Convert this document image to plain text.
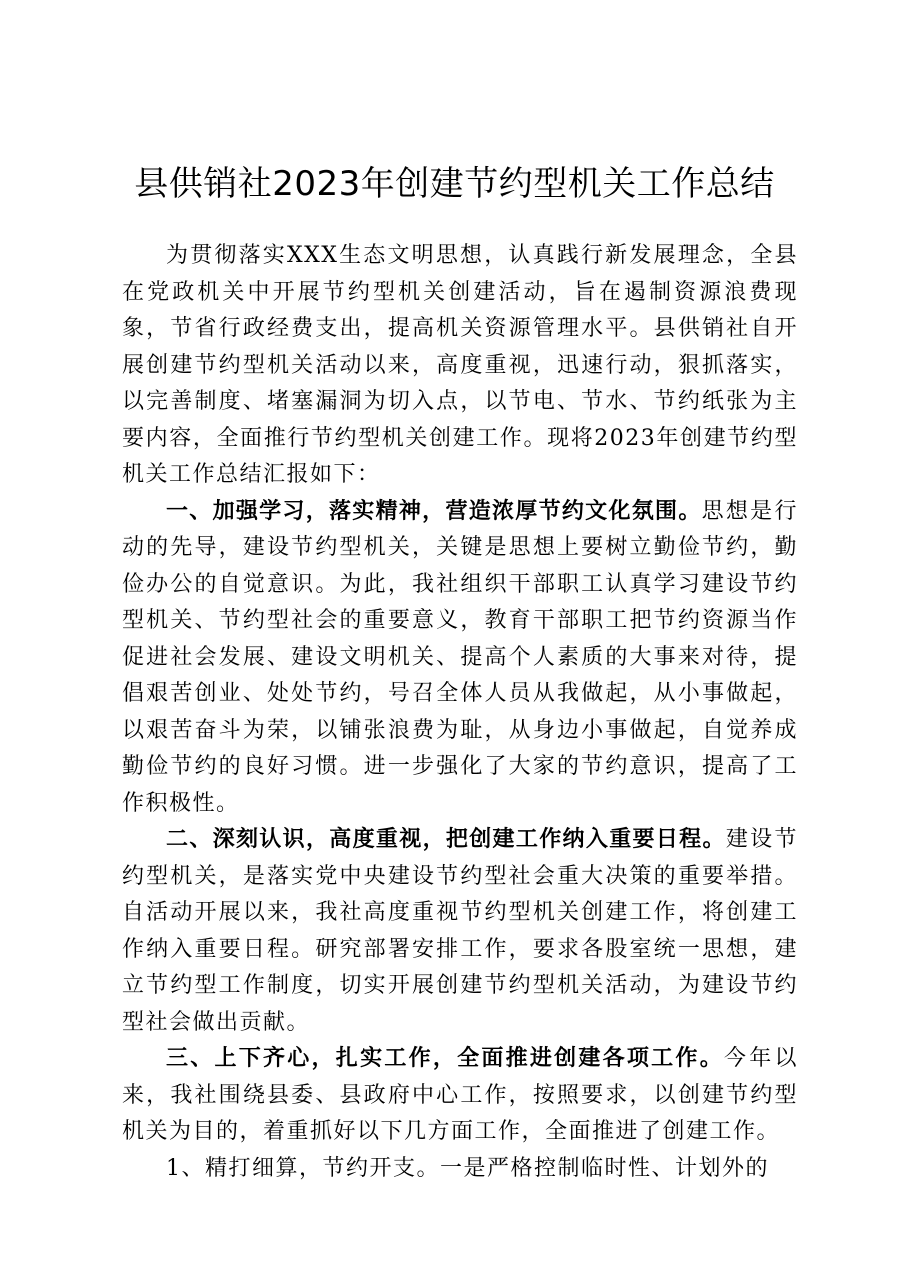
县供销社2023年创建节约型机关工作总结

为贯彻落实XXX生态文明思想，认真践行新发展理念，全县在党政机关中开展节约型机关创建活动，旨在遏制资源浪费现象，节省行政经费支出，提高机关资源管理水平。县供销社自开展创建节约型机关活动以来，高度重视，迅速行动，狠抓落实，以完善制度、堵塞漏洞为切入点，以节电、节水、节约纸张为主要内容，全面推行节约型机关创建工作。现将2023年创建节约型机关工作总结汇报如下：

一、加强学习，落实精神，营造浓厚节约文化氛围。思想是行动的先导，建设节约型机关，关键是思想上要树立勤俭节约，勤俭办公的自觉意识。为此，我社组织干部职工认真学习建设节约型机关、节约型社会的重要意义，教育干部职工把节约资源当作促进社会发展、建设文明机关、提高个人素质的大事来对待，提倡艰苦创业、处处节约，号召全体人员从我做起，从小事做起，以艰苦奋斗为荣，以铺张浪费为耻，从身边小事做起，自觉养成勤俭节约的良好习惯。进一步强化了大家的节约意识，提高了工作积极性。

二、深刻认识，高度重视，把创建工作纳入重要日程。建设节约型机关，是落实党中央建设节约型社会重大决策的重要举措。自活动开展以来，我社高度重视节约型机关创建工作，将创建工作纳入重要日程。研究部署安排工作，要求各股室统一思想，建立节约型工作制度，切实开展创建节约型机关活动，为建设节约型社会做出贡献。

三、上下齐心，扎实工作，全面推进创建各项工作。今年以来，我社围绕县委、县政府中心工作，按照要求，以创建节约型机关为目的，着重抓好以下几方面工作，全面推进了创建工作。

1、精打细算，节约开支。一是严格控制临时性、计划外的
